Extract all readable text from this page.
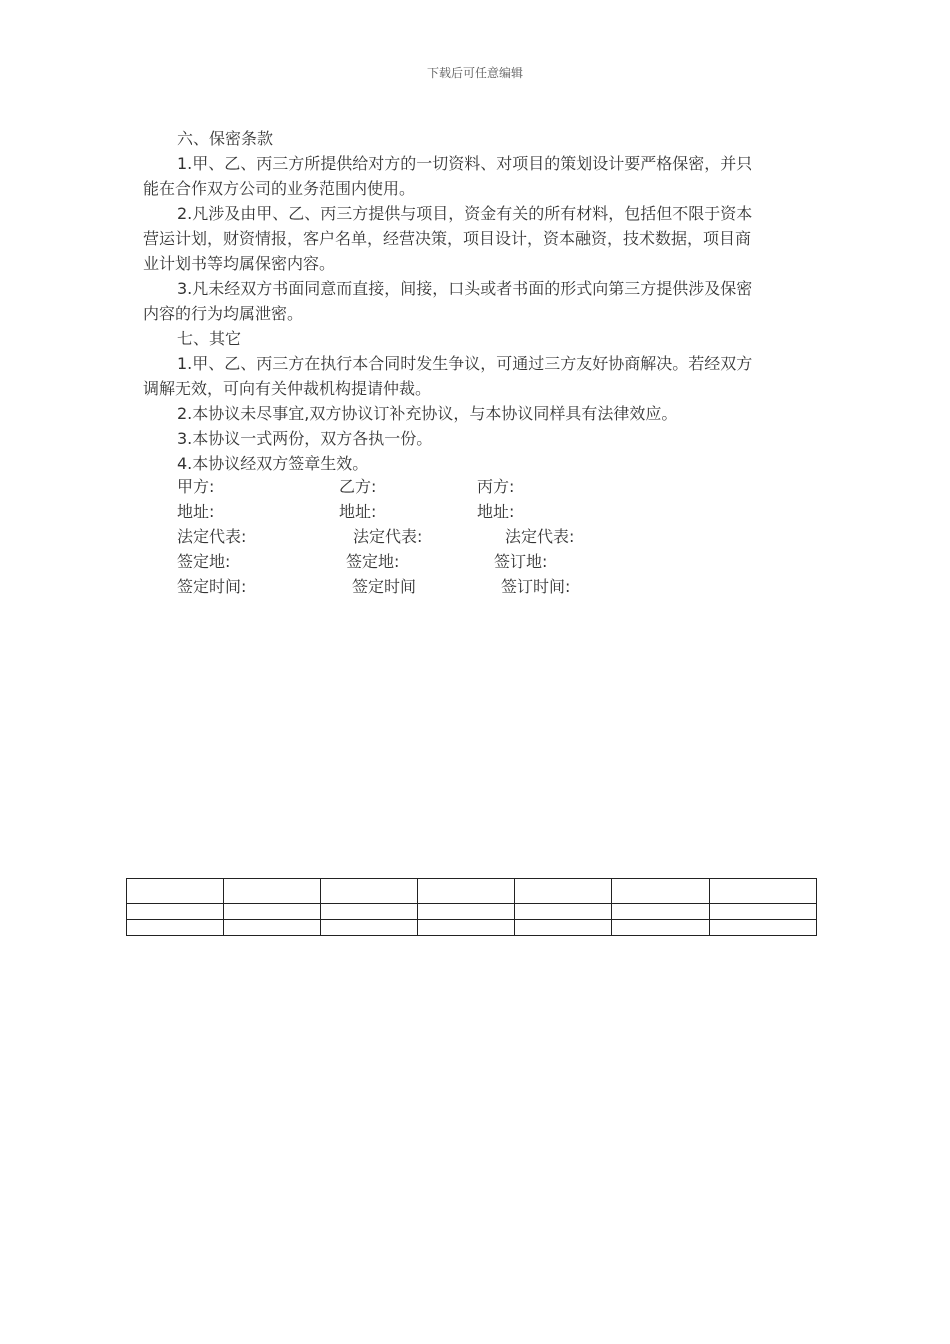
下载后可任意编辑

六、保密条款

1.甲、乙、丙三方所提供给对方的一切资料、对项目的策划设计要严格保密，并只能在合作双方公司的业务范围内使用。

2.凡涉及由甲、乙、丙三方提供与项目，资金有关的所有材料，包括但不限于资本营运计划，财资情报，客户名单，经营决策，项目设计，资本融资，技术数据，项目商业计划书等均属保密内容。

3.凡未经双方书面同意而直接，间接，口头或者书面的形式向第三方提供涉及保密内容的行为均属泄密。

七、其它

1.甲、乙、丙三方在执行本合同时发生争议，可通过三方友好协商解决。若经双方调解无效，可向有关仲裁机构提请仲裁。

2.本协议未尽事宜,双方协议订补充协议，与本协议同样具有法律效应。

3.本协议一式两份，双方各执一份。

4.本协议经双方签章生效。

甲方:	乙方:	丙方:
地址:	地址:	地址:
法定代表:	法定代表:	法定代表:
签定地:	签定地:	签订地:
签定时间:	签定时间	签订时间:
